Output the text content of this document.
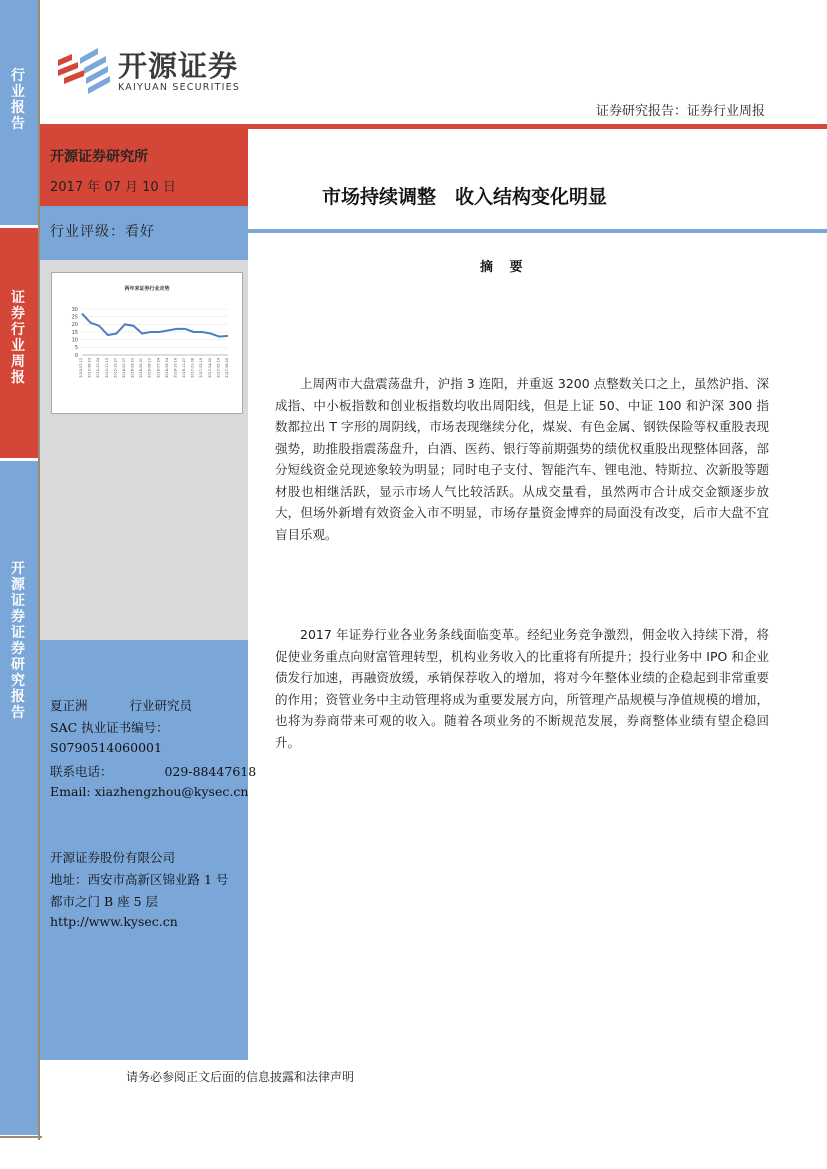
行业报告
证券行业周报
开源证券证券研究报告
开源证券
KAIYUAN SECURITIES
证券研究报告：证券行业周报
开源证券研究所
2017 年 07 月 10 日
行业评级：看好
两年来证券行业走势
0
5
10
15
20
25
30
2015-07-12 2015-08-23 2015-10-04 2015-11-15 2015-12-27 2016-02-07 2016-03-20 2016-05-01 2016-06-12 2016-07-24 2016-09-04 2016-10-16 2016-11-27 2017-01-08 2017-02-19 2017-04-02 2017-05-14 2017-06-25
夏正洲	行业研究员
SAC 执业证书编号：
S0790514060001
联系电话：	029-88447618
Email: xiazhengzhou@kysec.cn
开源证券股份有限公司
地址：西安市高新区锦业路 1 号
都市之门 B 座 5 层
http://www.kysec.cn
市场持续调整　收入结构变化明显
摘 要

上周两市大盘震荡盘升，沪指 3 连阳，并重返 3200 点整数关口之上，虽然沪指、深成指、中小板指数和创业板指数均收出周阳线，但是上证 50、中证 100 和沪深 300 指数都拉出 T 字形的周阴线，市场表现继续分化，煤炭、有色金属、钢铁保险等权重股表现强势，助推股指震荡盘升，白酒、医药、银行等前期强势的绩优权重股出现整体回落，部分短线资金兑现迹象较为明显；同时电子支付、智能汽车、锂电池、特斯拉、次新股等题材股也相继活跃，显示市场人气比较活跃。从成交量看，虽然两市合计成交金额逐步放大，但场外新增有效资金入市不明显，市场存量资金博弈的局面没有改变，后市大盘不宜盲目乐观。

2017 年证券行业各业务条线面临变革。经纪业务竞争激烈，佣金收入持续下滑，将促使业务重点向财富管理转型，机构业务收入的比重将有所提升；投行业务中 IPO 和企业债发行加速，再融资放缓，承销保荐收入的增加，将对今年整体业绩的企稳起到非常重要的作用；资管业务中主动管理将成为重要发展方向，所管理产品规模与净值规模的增加，也将为券商带来可观的收入。随着各项业务的不断规范发展，券商整体业绩有望企稳回升。

请务必参阅正文后面的信息披露和法律声明
